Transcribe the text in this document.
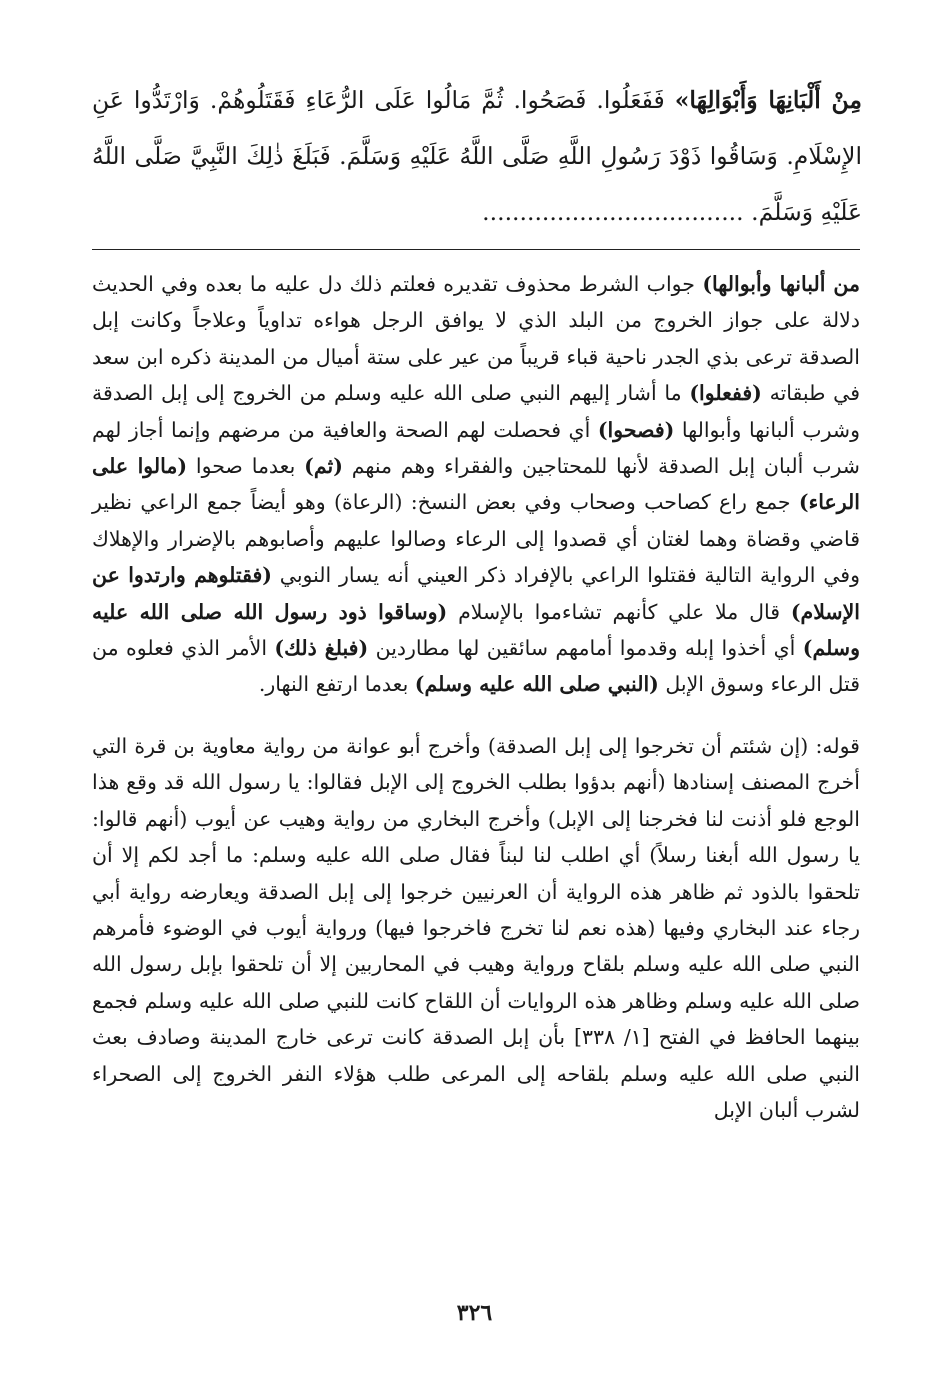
مِنْ أَلْبَانِهَا وَأَبْوَالِهَا» فَفَعَلُوا. فَصَحُوا. ثُمَّ مَالُوا عَلَى الرُّعَاءِ فَقَتَلُوهُمْ. وَارْتَدُّوا عَنِ الإِسْلَامِ. وَسَاقُوا ذَوْدَ رَسُولِ اللَّهِ صَلَّى اللَّهُ عَلَيْهِ وَسَلَّمَ. فَبَلَغَ ذٰلِكَ النَّبِيَّ صَلَّى اللَّهُ عَلَيْهِ وَسَلَّمَ. ...................................

من ألبانها وأبوالها) جواب الشرط محذوف تقديره فعلتم ذلك دل عليه ما بعده وفي الحديث دلالة على جواز الخروج من البلد الذي لا يوافق الرجل هواءه تداوياً وعلاجاً وكانت إبل الصدقة ترعى بذي الجدر ناحية قباء قريباً من عير على ستة أميال من المدينة ذكره ابن سعد في طبقاته (ففعلوا) ما أشار إليهم النبي صلى الله عليه وسلم من الخروج إلى إبل الصدقة وشرب ألبانها وأبوالها (فصحوا) أي فحصلت لهم الصحة والعافية من مرضهم وإنما أجاز لهم شرب ألبان إبل الصدقة لأنها للمحتاجين والفقراء وهم منهم (ثم) بعدما صحوا (مالوا على الرعاء) جمع راع كصاحب وصحاب وفي بعض النسخ: (الرعاة) وهو أيضاً جمع الراعي نظير قاضي وقضاة وهما لغتان أي قصدوا إلى الرعاء وصالوا عليهم وأصابوهم بالإضرار والإهلاك وفي الرواية التالية فقتلوا الراعي بالإفراد ذكر العيني أنه يسار النوبي (فقتلوهم وارتدوا عن الإسلام) قال ملا علي كأنهم تشاءموا بالإسلام (وساقوا ذود رسول الله صلى الله عليه وسلم) أي أخذوا إبله وقدموا أمامهم سائقين لها مطاردين (فبلغ ذلك) الأمر الذي فعلوه من قتل الرعاء وسوق الإبل (النبي صلى الله عليه وسلم) بعدما ارتفع النهار.

قوله: (إن شئتم أن تخرجوا إلى إبل الصدقة) وأخرج أبو عوانة من رواية معاوية بن قرة التي أخرج المصنف إسنادها (أنهم بدؤوا بطلب الخروج إلى الإبل فقالوا: يا رسول الله قد وقع هذا الوجع فلو أذنت لنا فخرجنا إلى الإبل) وأخرج البخاري من رواية وهيب عن أيوب (أنهم قالوا: يا رسول الله أبغنا رسلاً) أي اطلب لنا لبناً فقال صلى الله عليه وسلم: ما أجد لكم إلا أن تلحقوا بالذود ثم ظاهر هذه الرواية أن العرنيين خرجوا إلى إبل الصدقة ويعارضه رواية أبي رجاء عند البخاري وفيها (هذه نعم لنا تخرج فاخرجوا فيها) ورواية أيوب في الوضوء فأمرهم النبي صلى الله عليه وسلم بلقاح ورواية وهيب في المحاربين إلا أن تلحقوا بإبل رسول الله صلى الله عليه وسلم وظاهر هذه الروايات أن اللقاح كانت للنبي صلى الله عليه وسلم فجمع بينهما الحافظ في الفتح [١/ ٣٣٨] بأن إبل الصدقة كانت ترعى خارج المدينة وصادف بعث النبي صلى الله عليه وسلم بلقاحه إلى المرعى طلب هؤلاء النفر الخروج إلى الصحراء لشرب ألبان الإبل

٣٢٦
